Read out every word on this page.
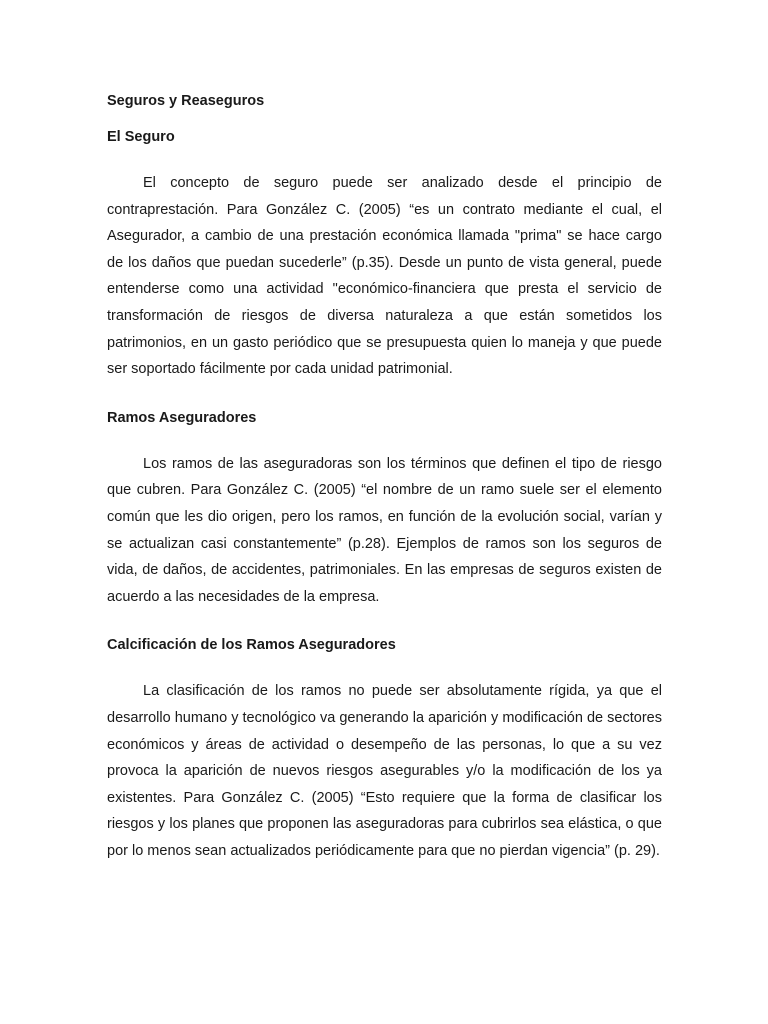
Seguros y Reaseguros

El Seguro

El concepto de seguro puede ser analizado desde el principio de contraprestación. Para González C. (2005) “es un contrato mediante el cual, el Asegurador, a cambio de una prestación económica llamada "prima" se hace cargo de los daños que puedan sucederle” (p.35). Desde un punto de vista general, puede entenderse como una actividad "económico-financiera que presta el servicio de transformación de riesgos de diversa naturaleza a que están sometidos los patrimonios, en un gasto periódico que se presupuesta quien lo maneja y que puede ser soportado fácilmente por cada unidad patrimonial.

Ramos Aseguradores

Los ramos de las aseguradoras son los términos que definen el tipo de riesgo que cubren. Para González C. (2005) “el nombre de un ramo suele ser el elemento común que les dio origen, pero los ramos, en función de la evolución social, varían y se actualizan casi constantemente” (p.28). Ejemplos de ramos son los seguros de vida, de daños, de accidentes, patrimoniales. En las empresas de seguros existen de acuerdo a las necesidades de la empresa.

Calcificación de los Ramos Aseguradores

La clasificación de los ramos no puede ser absolutamente rígida, ya que el desarrollo humano y tecnológico va generando la aparición y modificación de sectores económicos y áreas de actividad o desempeño de las personas, lo que a su vez provoca la aparición de nuevos riesgos asegurables y/o la modificación de los ya existentes. Para González C. (2005) “Esto requiere que la forma de clasificar los riesgos y los planes que proponen las aseguradoras para cubrirlos sea elástica, o que por lo menos sean actualizados periódicamente para que no pierdan vigencia” (p. 29).
